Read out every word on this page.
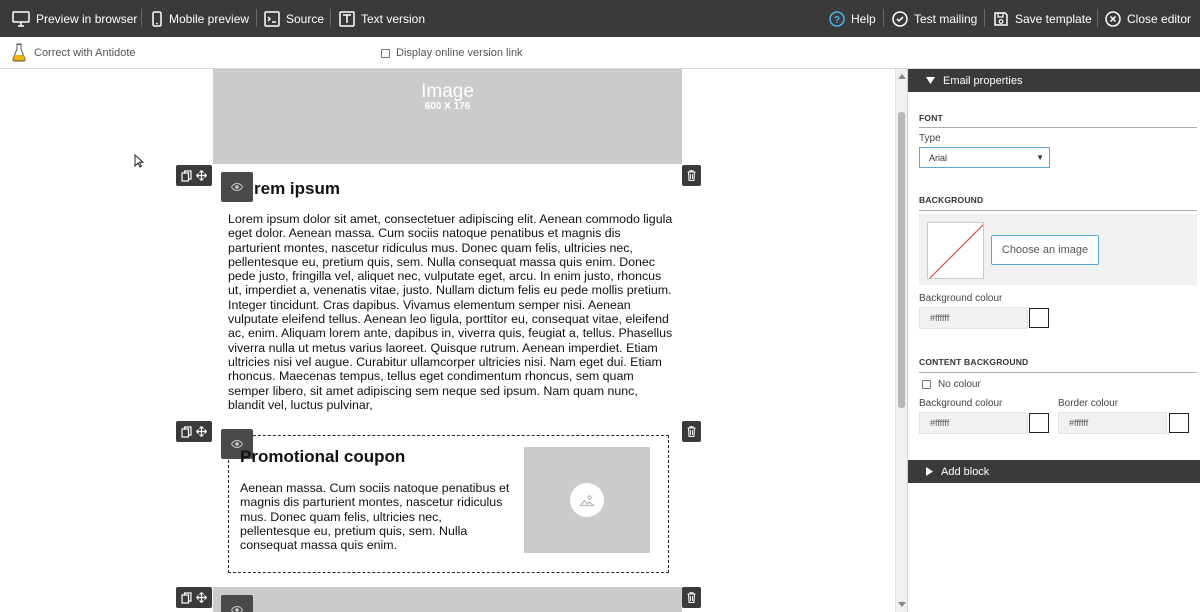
Preview in browser	Mobile preview	Source	Text version	? Help	Test mailing	Save template	Close editor
Correct with Antidote	Display online version link
Image
600 X 176
rem ipsum
Lorem ipsum dolor sit amet, consectetuer adipiscing elit. Aenean commodo ligula eget dolor. Aenean massa. Cum sociis natoque penatibus et magnis dis parturient montes, nascetur ridiculus mus. Donec quam felis, ultricies nec, pellentesque eu, pretium quis, sem. Nulla consequat massa quis enim. Donec pede justo, fringilla vel, aliquet nec, vulputate eget, arcu. In enim justo, rhoncus ut, imperdiet a, venenatis vitae, justo. Nullam dictum felis eu pede mollis pretium. Integer tincidunt. Cras dapibus. Vivamus elementum semper nisi. Aenean vulputate eleifend tellus. Aenean leo ligula, porttitor eu, consequat vitae, eleifend ac, enim. Aliquam lorem ante, dapibus in, viverra quis, feugiat a, tellus. Phasellus viverra nulla ut metus varius laoreet. Quisque rutrum. Aenean imperdiet. Etiam ultricies nisi vel augue. Curabitur ullamcorper ultricies nisi. Nam eget dui. Etiam rhoncus. Maecenas tempus, tellus eget condimentum rhoncus, sem quam semper libero, sit amet adipiscing sem neque sed ipsum. Nam quam nunc, blandit vel, luctus pulvinar,
Promotional coupon
Aenean massa. Cum sociis natoque penatibus et magnis dis parturient montes, nascetur ridiculus mus. Donec quam felis, ultricies nec, pellentesque eu, pretium quis, sem. Nulla consequat massa quis enim.
Email properties
FONT
Type
Arial	▼
BACKGROUND
Choose an image
Background colour
#ffffff
CONTENT BACKGROUND
No colour
Background colour
#ffffff
Border colour
#ffffff
Add block
